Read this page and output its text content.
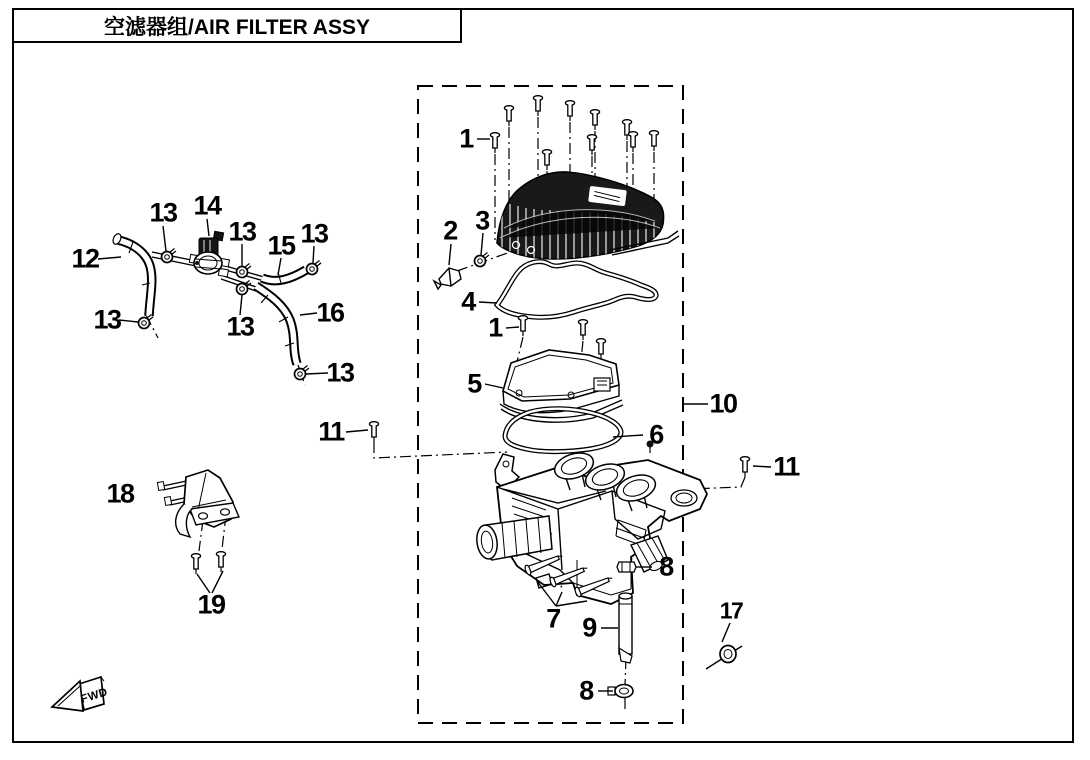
空滤器组/AIR FILTER ASSY
FWD
1
2 3
4
1
5
11	6
10
11
8
7 9
17
8
12
13 14
13 15 13
13	13 16
13
18
19
